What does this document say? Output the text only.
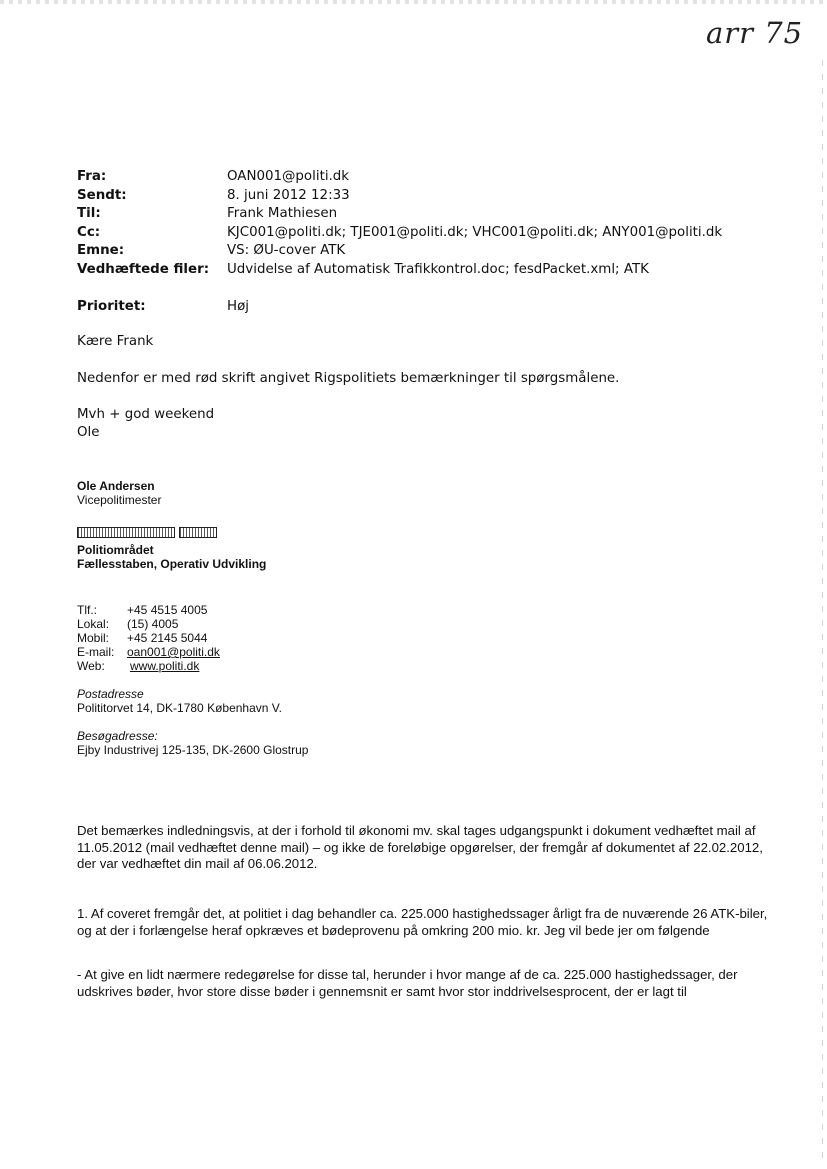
arr 75
Fra:	OAN001@politi.dk
Sendt:	8. juni 2012 12:33
Til:	Frank Mathiesen
Cc:	KJC001@politi.dk; TJE001@politi.dk; VHC001@politi.dk; ANY001@politi.dk
Emne:	VS: ØU-cover ATK
Vedhæftede filer:	Udvidelse af Automatisk Trafikkontrol.doc; fesdPacket.xml; ATK
Prioritet:	Høj
Kære Frank
Nedenfor er med rød skrift angivet Rigspolitiets bemærkninger til spørgsmålene.
Mvh + god weekend
Ole
Ole Andersen
Vicepolitimester
Politiområdet
Fællesstaben, Operativ Udvikling
Tlf.:	+45 4515 4005
Lokal:	(15) 4005
Mobil:	+45 2145 5044
E-mail:	oan001@politi.dk
Web:	www.politi.dk
Postadresse
Polititorvet 14, DK-1780 København V.
Besøgadresse:
Ejby Industrivej 125-135, DK-2600 Glostrup
Det bemærkes indledningsvis, at der i forhold til økonomi mv. skal tages udgangspunkt i dokument vedhæftet mail af 11.05.2012 (mail vedhæftet denne mail) – og ikke de foreløbige opgørelser, der fremgår af dokumentet af 22.02.2012, der var vedhæftet din mail af 06.06.2012.
1. Af coveret fremgår det, at politiet i dag behandler ca. 225.000 hastighedssager årligt fra de nuværende 26 ATK-biler, og at der i forlængelse heraf opkræves et bødeprovenu på omkring 200 mio. kr. Jeg vil bede jer om følgende
- At give en lidt nærmere redegørelse for disse tal, herunder i hvor mange af de ca. 225.000 hastighedssager, der udskrives bøder, hvor store disse bøder i gennemsnit er samt hvor stor inddrivelsesprocent, der er lagt til
